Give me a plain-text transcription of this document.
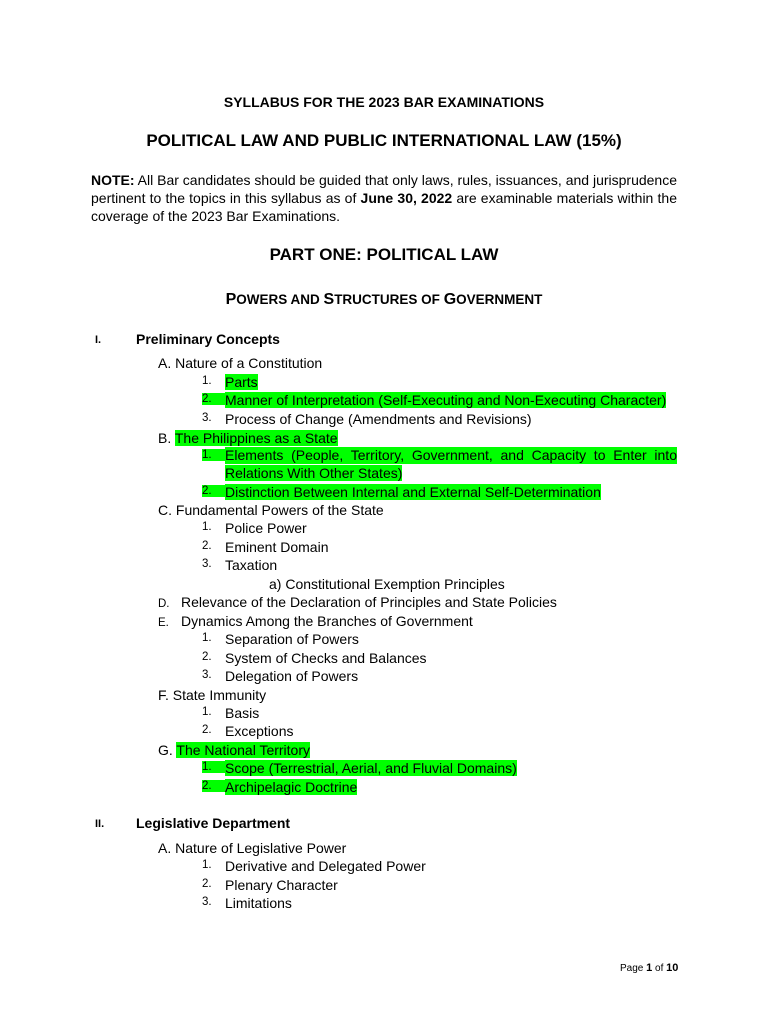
SYLLABUS FOR THE 2023 BAR EXAMINATIONS
POLITICAL LAW AND PUBLIC INTERNATIONAL LAW (15%)
NOTE: All Bar candidates should be guided that only laws, rules, issuances, and jurisprudence pertinent to the topics in this syllabus as of June 30, 2022 are examinable materials within the coverage of the 2023 Bar Examinations.
PART ONE: POLITICAL LAW
POWERS AND STRUCTURES OF GOVERNMENT
I. Preliminary Concepts
A. Nature of a Constitution
1. Parts
2. Manner of Interpretation (Self-Executing and Non-Executing Character)
3. Process of Change (Amendments and Revisions)
B. The Philippines as a State
1. Elements (People, Territory, Government, and Capacity to Enter into
Relations With Other States)
2. Distinction Between Internal and External Self-Determination
C. Fundamental Powers of the State
1. Police Power
2. Eminent Domain
3. Taxation
a) Constitutional Exemption Principles
D. Relevance of the Declaration of Principles and State Policies
E. Dynamics Among the Branches of Government
1. Separation of Powers
2. System of Checks and Balances
3. Delegation of Powers
F. State Immunity
1. Basis
2. Exceptions
G. The National Territory
1. Scope (Terrestrial, Aerial, and Fluvial Domains)
2. Archipelagic Doctrine
II. Legislative Department
A. Nature of Legislative Power
1. Derivative and Delegated Power
2. Plenary Character
3. Limitations
Page 1 of 10
